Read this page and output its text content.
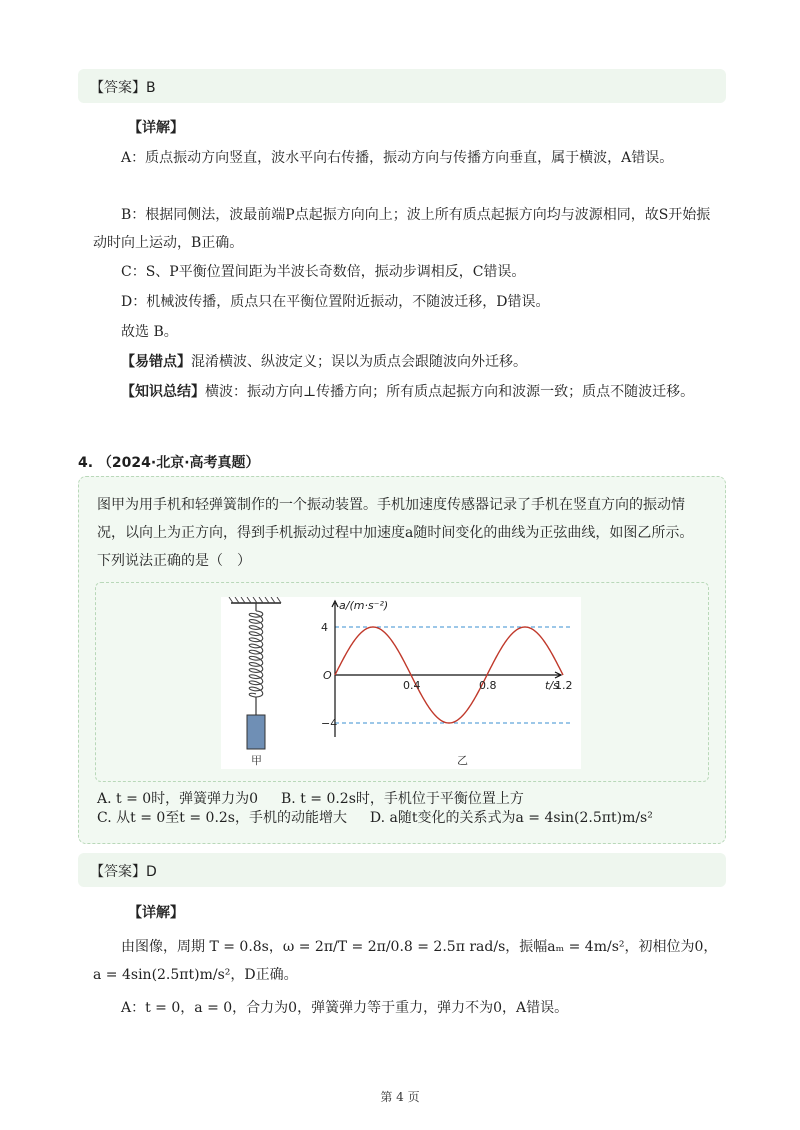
【答案】B
【详解】
A：质点振动方向竖直，波水平向右传播，振动方向与传播方向垂直，属于横波，A错误。
B：根据同侧法，波最前端P点起振方向向上；波上所有质点起振方向均与波源相同，故S开始振动时向上运动，B正确。
C：S、P平衡位置间距为半波长奇数倍，振动步调相反，C错误。
D：机械波传播，质点只在平衡位置附近振动，不随波迁移，D错误。
故选 B。
【易错点】混淆横波、纵波定义；误以为质点会跟随波向外迁移。
【知识总结】横波：振动方向⊥传播方向；所有质点起振方向和波源一致；质点不随波迁移。
4. （2024·北京·高考真题）
图甲为用手机和轻弹簧制作的一个振动装置。手机加速度传感器记录了手机在竖直方向的振动情况，以向上为正方向，得到手机振动过程中加速度a随时间变化的曲线为正弦曲线，如图乙所示。下列说法正确的是（　）
甲
a/(m·s⁻²)
t/s
O
0.4	0.8	1.2
4
−4
乙
A. t = 0时，弹簧弹力为0 B. t = 0.2s时，手机位于平衡位置上方
C. 从t = 0至t = 0.2s，手机的动能增大 D. a随t变化的关系式为a = 4sin(2.5πt)m/s²
【答案】D
【详解】
由图像，周期 T = 0.8s，ω = 2π/T = 2π/0.8 = 2.5π rad/s，振幅aₘ = 4m/s²，初相位为0，
a = 4sin(2.5πt)m/s²，D正确。
A：t = 0，a = 0，合力为0，弹簧弹力等于重力，弹力不为0，A错误。
第 4 页
